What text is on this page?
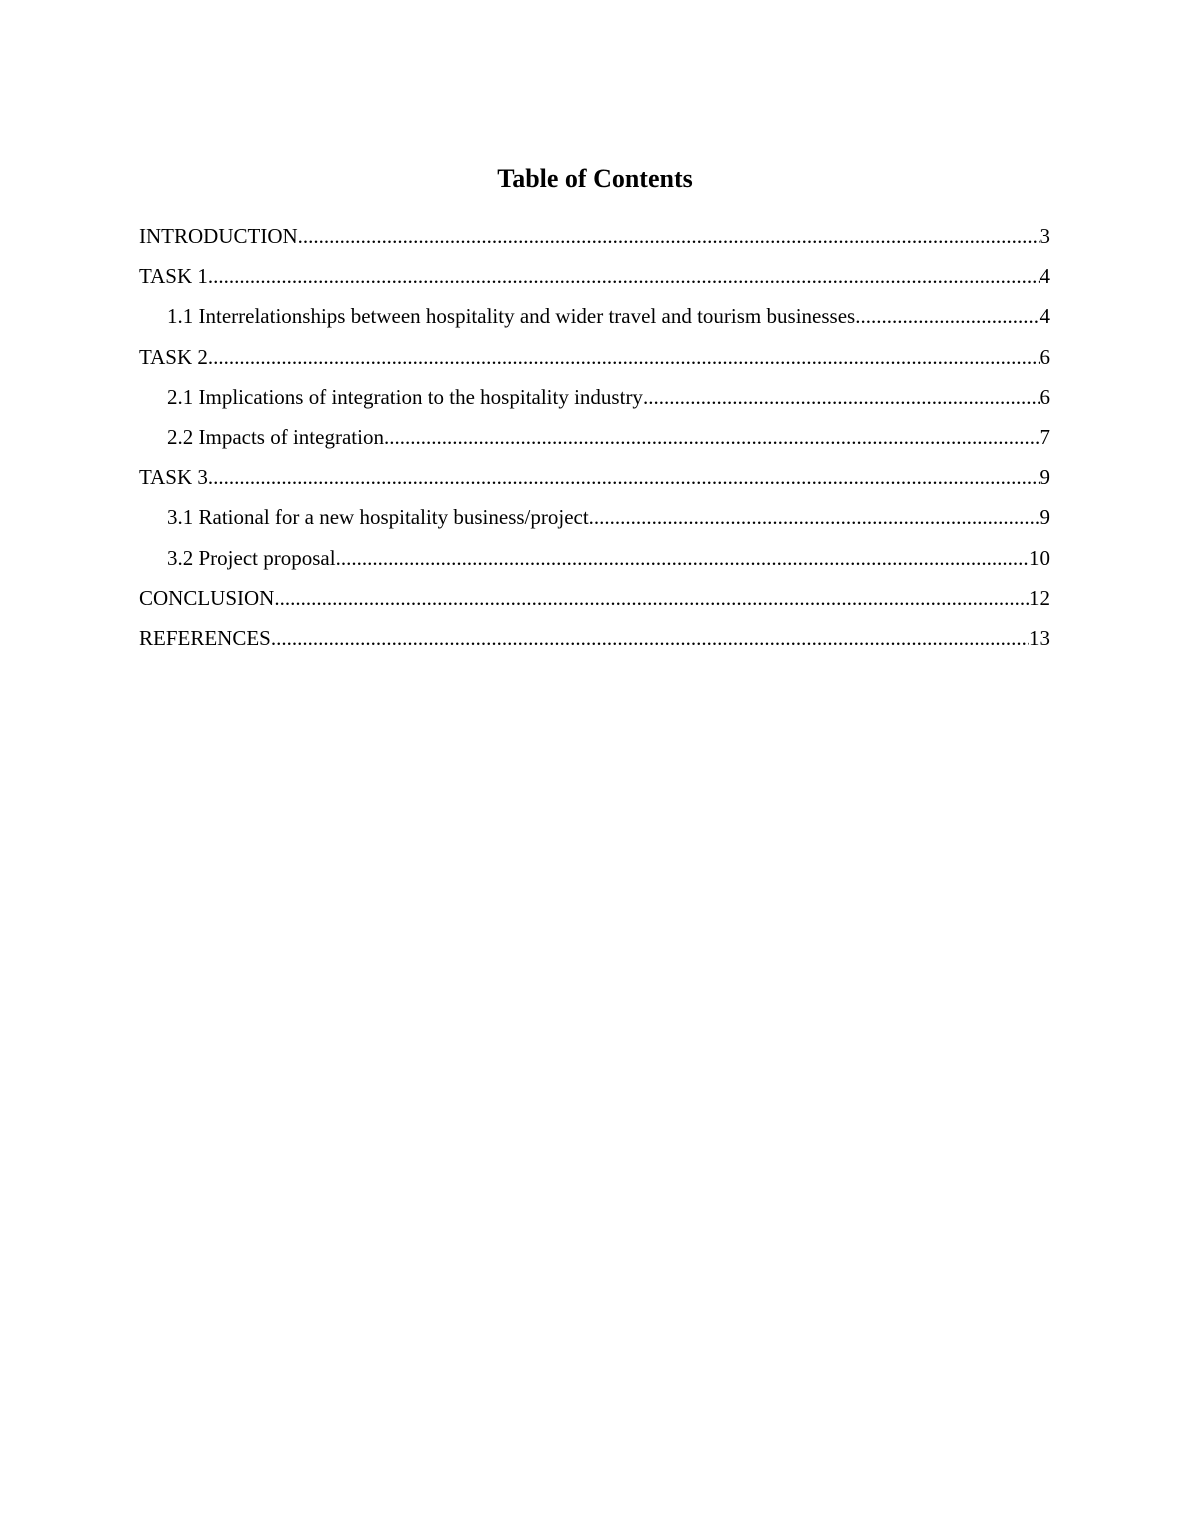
Table of Contents
INTRODUCTION .....	3
TASK 1 .....	4
1.1 Interrelationships between hospitality and wider travel and tourism businesses .....	4
TASK 2 .....	6
2.1 Implications of integration to the hospitality industry .....	6
2.2 Impacts of integration .....	7
TASK 3 .....	9
3.1 Rational for a new hospitality business/project .....	9
3.2 Project proposal .....	10
CONCLUSION .....	12
REFERENCES .....	13
